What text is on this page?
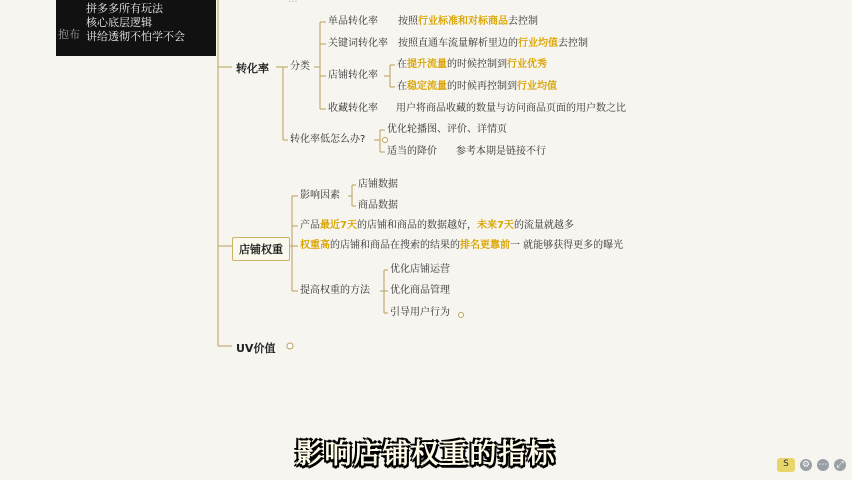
拼多多所有玩法
核心底层逻辑
讲给透彻不怕学不会
抱布
转化率 分类
单品转化率 按照行业标准和对标商品去控制
关键词转化率 按照直通车流量解析里边的行业均值去控制
店铺转化率
在提升流量的时候控制到行业优秀
在稳定流量的时候再控制到行业均值
收藏转化率 用户将商品收藏的数量与访问商品页面的用户数之比
转化率低怎么办?
优化轮播图、评价、详情页
适当的降价 参考本期是链接不行
店铺权重
影响因素
店铺数据
商品数据
产品最近7天的店铺和商品的数据越好，未来7天的流量就越多
权重高的店铺和商品在搜索的结果的排名更靠前一 就能够获得更多的曝光
提高权重的方法
优化店铺运营
优化商品管理
引导用户行为
UV价值
影响店铺权重的指标	S	⚙ ⋯ ⤢
